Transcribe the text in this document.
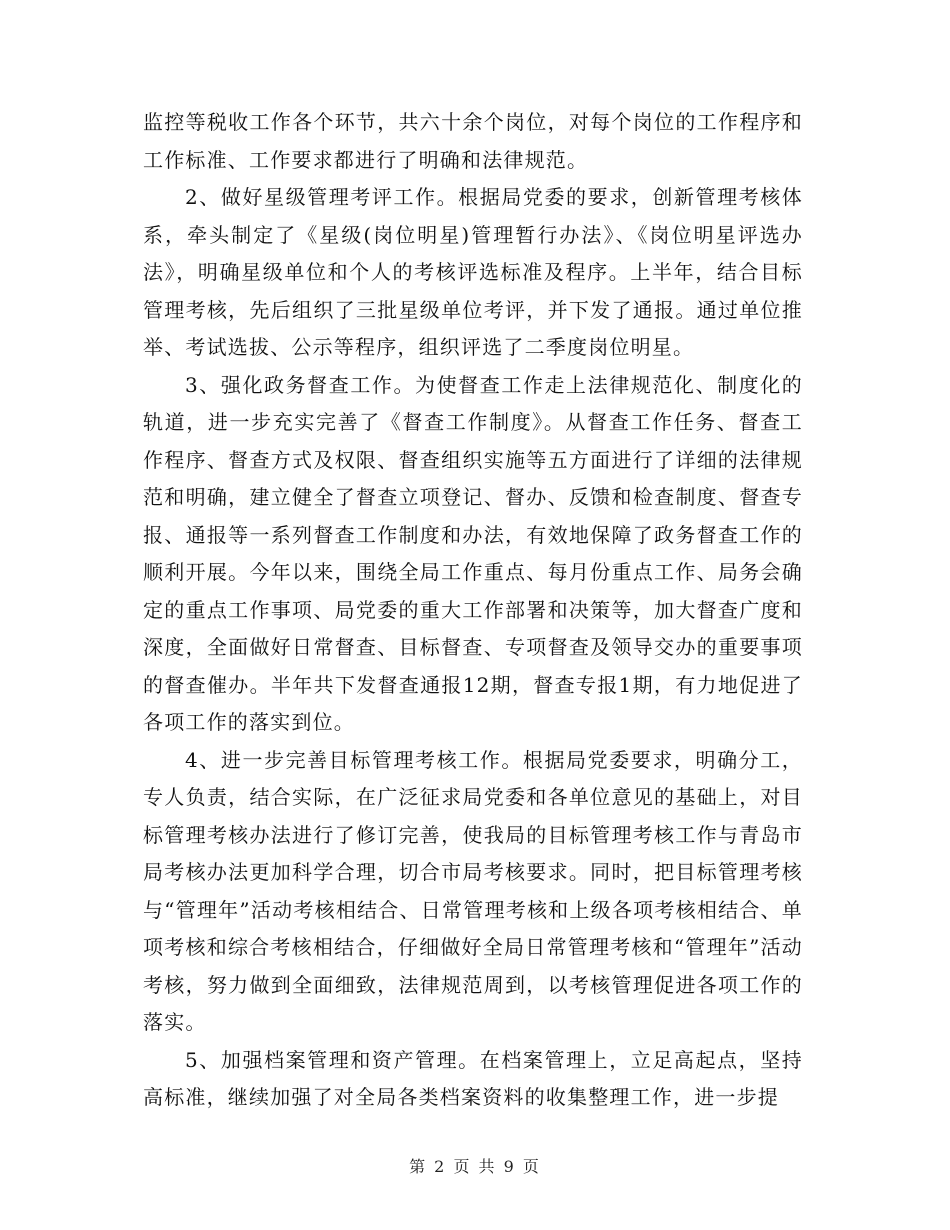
监控等税收工作各个环节，共六十余个岗位，对每个岗位的工作程序和工作标准、工作要求都进行了明确和法律规范。

2、做好星级管理考评工作。根据局党委的要求，创新管理考核体系，牵头制定了《星级(岗位明星)管理暂行办法》、《岗位明星评选办法》，明确星级单位和个人的考核评选标准及程序。上半年，结合目标管理考核，先后组织了三批星级单位考评，并下发了通报。通过单位推举、考试选拔、公示等程序，组织评选了二季度岗位明星。

3、强化政务督查工作。为使督查工作走上法律规范化、制度化的轨道，进一步充实完善了《督查工作制度》。从督查工作任务、督查工作程序、督查方式及权限、督查组织实施等五方面进行了详细的法律规范和明确，建立健全了督查立项登记、督办、反馈和检查制度、督查专报、通报等一系列督查工作制度和办法，有效地保障了政务督查工作的顺利开展。今年以来，围绕全局工作重点、每月份重点工作、局务会确定的重点工作事项、局党委的重大工作部署和决策等，加大督查广度和深度，全面做好日常督查、目标督查、专项督查及领导交办的重要事项的督查催办。半年共下发督查通报12期，督查专报1期，有力地促进了各项工作的落实到位。

4、进一步完善目标管理考核工作。根据局党委要求，明确分工，专人负责，结合实际，在广泛征求局党委和各单位意见的基础上，对目标管理考核办法进行了修订完善，使我局的目标管理考核工作与青岛市局考核办法更加科学合理，切合市局考核要求。同时，把目标管理考核与“管理年”活动考核相结合、日常管理考核和上级各项考核相结合、单项考核和综合考核相结合，仔细做好全局日常管理考核和“管理年”活动考核，努力做到全面细致，法律规范周到，以考核管理促进各项工作的落实。

5、加强档案管理和资产管理。在档案管理上，立足高起点，坚持高标准，继续加强了对全局各类档案资料的收集整理工作，进一步提

第 2 页 共 9 页
